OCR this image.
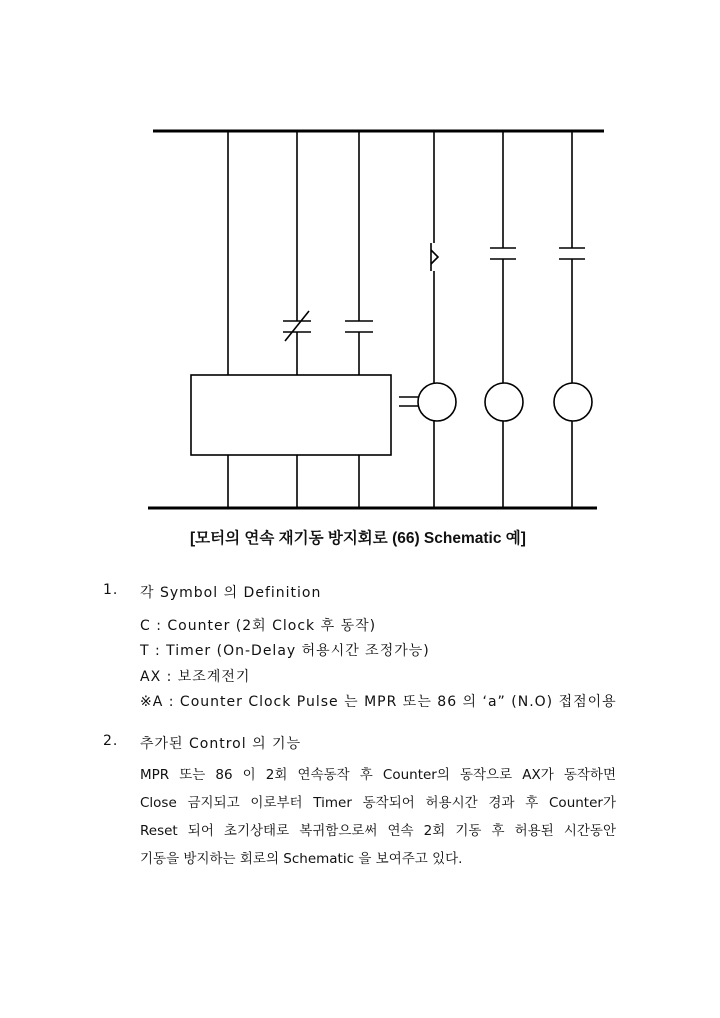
[모터의 연속 재기동 방지회로 (66) Schematic 예]
1. 각 Symbol 의 Definition
C : Counter (2회 Clock 후 동작)
T : Timer (On-Delay 허용시간 조정가능)
AX : 보조계전기
※A : Counter Clock Pulse 는 MPR 또는 86 의 ‘a” (N.O) 접점이용
2. 추가된 Control 의 기능
MPR 또는 86 이 2회 연속동작 후 Counter의 동작으로 AX가 동작하면
Close 금지되고 이로부터 Timer 동작되어 허용시간 경과 후 Counter가
Reset 되어 초기상태로 복귀함으로써 연속 2회 기동 후 허용된 시간동안
기동을 방지하는 회로의 Schematic 을 보여주고 있다.
